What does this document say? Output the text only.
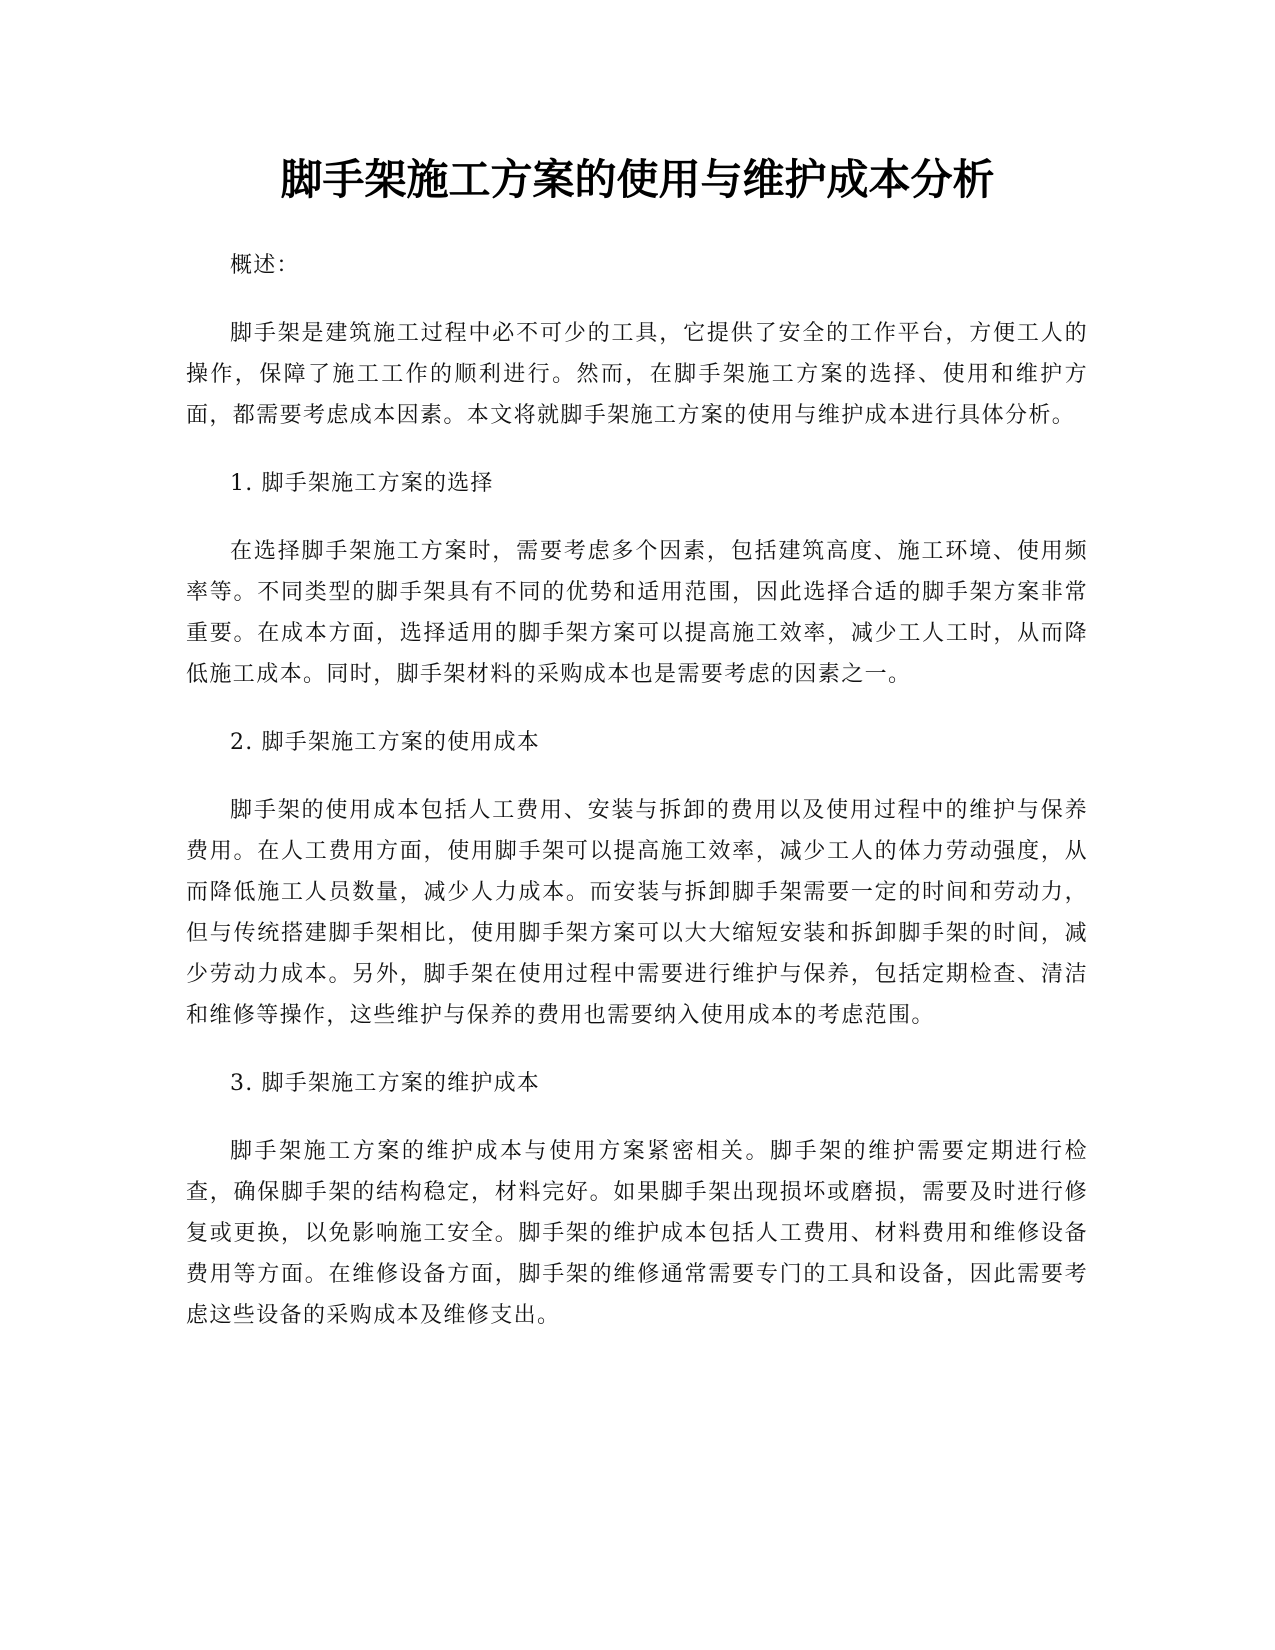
脚手架施工方案的使用与维护成本分析

概述：

脚手架是建筑施工过程中必不可少的工具，它提供了安全的工作平台，方便工人的操作，保障了施工工作的顺利进行。然而，在脚手架施工方案的选择、使用和维护方面，都需要考虑成本因素。本文将就脚手架施工方案的使用与维护成本进行具体分析。

1. 脚手架施工方案的选择

在选择脚手架施工方案时，需要考虑多个因素，包括建筑高度、施工环境、使用频率等。不同类型的脚手架具有不同的优势和适用范围，因此选择合适的脚手架方案非常重要。在成本方面，选择适用的脚手架方案可以提高施工效率，减少工人工时，从而降低施工成本。同时，脚手架材料的采购成本也是需要考虑的因素之一。

2. 脚手架施工方案的使用成本

脚手架的使用成本包括人工费用、安装与拆卸的费用以及使用过程中的维护与保养费用。在人工费用方面，使用脚手架可以提高施工效率，减少工人的体力劳动强度，从而降低施工人员数量，减少人力成本。而安装与拆卸脚手架需要一定的时间和劳动力，但与传统搭建脚手架相比，使用脚手架方案可以大大缩短安装和拆卸脚手架的时间，减少劳动力成本。另外，脚手架在使用过程中需要进行维护与保养，包括定期检查、清洁和维修等操作，这些维护与保养的费用也需要纳入使用成本的考虑范围。

3. 脚手架施工方案的维护成本

脚手架施工方案的维护成本与使用方案紧密相关。脚手架的维护需要定期进行检查，确保脚手架的结构稳定，材料完好。如果脚手架出现损坏或磨损，需要及时进行修复或更换，以免影响施工安全。脚手架的维护成本包括人工费用、材料费用和维修设备费用等方面。在维修设备方面，脚手架的维修通常需要专门的工具和设备，因此需要考虑这些设备的采购成本及维修支出。
